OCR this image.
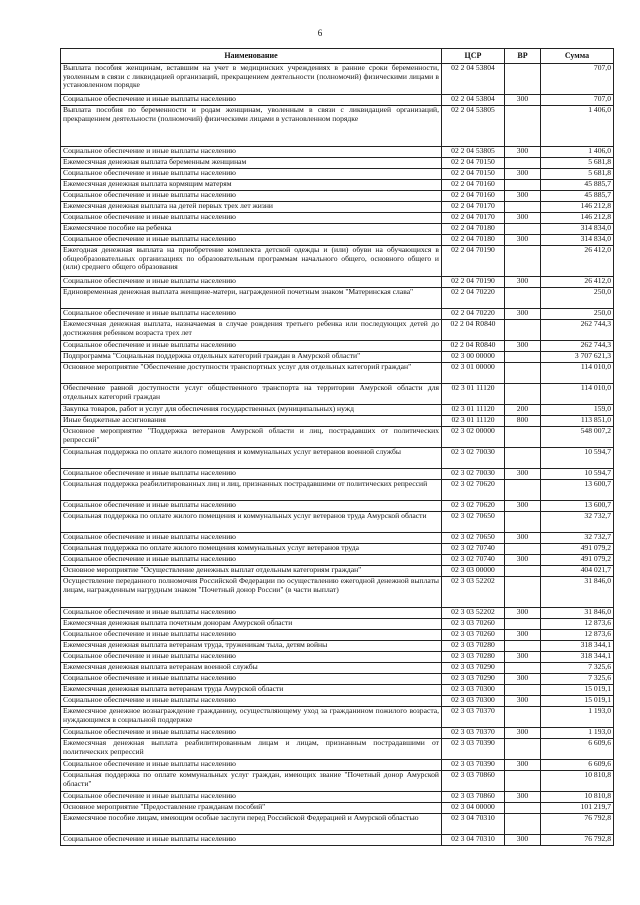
6
Наименование	ЦСР	ВР	Сумма
Выплата пособия женщинам, вставшим на учет в медицинских учреждениях в ранние сроки беременности, уволенным в связи с ликвидацией организаций, прекращением деятельности (полномочий) физическими лицами в установленном порядке	02 2 04 53804		707,0
Социальное обеспечение и иные выплаты населению	02 2 04 53804	300	707,0
Выплата пособия по беременности и родам женщинам, уволенным в связи с ликвидацией организаций, прекращением деятельности (полномочий) физическими лицами в установленном порядке	02 2 04 53805		1 406,0
Социальное обеспечение и иные выплаты населению	02 2 04 53805	300	1 406,0
Ежемесячная денежная выплата беременным женщинам	02 2 04 70150		5 681,8
Социальное обеспечение и иные выплаты населению	02 2 04 70150	300	5 681,8
Ежемесячная денежная выплата кормящим матерям	02 2 04 70160		45 885,7
Социальное обеспечение и иные выплаты населению	02 2 04 70160	300	45 885,7
Ежемесячная денежная выплата на детей первых трех лет жизни	02 2 04 70170		146 212,8
Социальное обеспечение и иные выплаты населению	02 2 04 70170	300	146 212,8
Ежемесячное пособие на ребенка	02 2 04 70180		314 834,0
Социальное обеспечение и иные выплаты населению	02 2 04 70180	300	314 834,0
Ежегодная денежная выплата на приобретение комплекта детской одежды и (или) обуви на обучающихся в общеобразовательных организациях по образовательным программам начального общего, основного общего и (или) среднего общего образования	02 2 04 70190		26 412,0
Социальное обеспечение и иные выплаты населению	02 2 04 70190	300	26 412,0
Единовременная денежная выплата женщине-матери, награжденной почетным знаком "Материнская слава"	02 2 04 70220		250,0
Социальное обеспечение и иные выплаты населению	02 2 04 70220	300	250,0
Ежемесячная денежная выплата, назначаемая в случае рождения третьего ребенка или последующих детей до достижения ребенком возраста трех лет	02 2 04 R0840		262 744,3
Социальное обеспечение и иные выплаты населению	02 2 04 R0840	300	262 744,3
Подпрограмма "Социальная поддержка отдельных категорий граждан в Амурской области"	02 3 00 00000		3 707 621,3
Основное мероприятие "Обеспечение доступности транспортных услуг для отдельных категорий граждан"	02 3 01 00000		114 010,0
Обеспечение равной доступности услуг общественного транспорта на территории Амурской области для отдельных категорий граждан	02 3 01 11120		114 010,0
Закупка товаров, работ и услуг для обеспечения государственных (муниципальных) нужд	02 3 01 11120	200	159,0
Иные бюджетные ассигнования	02 3 01 11120	800	113 851,0
Основное мероприятие "Поддержка ветеранов Амурской области и лиц, пострадавших от политических репрессий"	02 3 02 00000		548 007,2
Социальная поддержка по оплате жилого помещения и коммунальных услуг ветеранов военной службы	02 3 02 70030		10 594,7
Социальное обеспечение и иные выплаты населению	02 3 02 70030	300	10 594,7
Социальная поддержка реабилитированных лиц и лиц, признанных пострадавшими от политических репрессий	02 3 02 70620		13 600,7
Социальное обеспечение и иные выплаты населению	02 3 02 70620	300	13 600,7
Социальная поддержка по оплате жилого помещения и коммунальных услуг ветеранов труда Амурской области	02 3 02 70650		32 732,7
Социальное обеспечение и иные выплаты населению	02 3 02 70650	300	32 732,7
Социальная поддержка по оплате жилого помещения коммунальных услуг ветеранов труда	02 3 02 70740		491 079,2
Социальное обеспечение и иные выплаты населению	02 3 02 70740	300	491 079,2
Основное мероприятие "Осуществление денежных выплат отдельным категориям граждан"	02 3 03 00000		404 021,7
Осуществление переданного полномочия Российской Федерации по осуществлению ежегодной денежной выплаты лицам, награжденным нагрудным знаком "Почетный донор России" (в части выплат)	02 3 03 52202		31 846,0
Социальное обеспечение и иные выплаты населению	02 3 03 52202	300	31 846,0
Ежемесячная денежная выплата почетным донорам Амурской области	02 3 03 70260		12 873,6
Социальное обеспечение и иные выплаты населению	02 3 03 70260	300	12 873,6
Ежемесячная денежная выплата ветеранам труда, труженикам тыла, детям войны	02 3 03 70280		318 344,1
Социальное обеспечение и иные выплаты населению	02 3 03 70280	300	318 344,1
Ежемесячная денежная выплата ветеранам военной службы	02 3 03 70290		7 325,6
Социальное обеспечение и иные выплаты населению	02 3 03 70290	300	7 325,6
Ежемесячная денежная выплата ветеранам труда Амурской области	02 3 03 70300		15 019,1
Социальное обеспечение и иные выплаты населению	02 3 03 70300	300	15 019,1
Ежемесячное денежное вознаграждение гражданину, осуществляющему уход за гражданином пожилого возраста, нуждающимся в социальной поддержке	02 3 03 70370		1 193,0
Социальное обеспечение и иные выплаты населению	02 3 03 70370	300	1 193,0
Ежемесячная денежная выплата реабилитированным лицам и лицам, признанным пострадавшими от политических репрессий	02 3 03 70390		6 609,6
Социальное обеспечение и иные выплаты населению	02 3 03 70390	300	6 609,6
Социальная поддержка по оплате коммунальных услуг граждан, имеющих звание "Почетный донор Амурской области"	02 3 03 70860		10 810,8
Социальное обеспечение и иные выплаты населению	02 3 03 70860	300	10 810,8
Основное мероприятие "Предоставление гражданам пособий"	02 3 04 00000		101 219,7
Ежемесячное пособие лицам, имеющим особые заслуги перед Российской Федерацией и Амурской областью	02 3 04 70310		76 792,8
Социальное обеспечение и иные выплаты населению	02 3 04 70310	300	76 792,8
